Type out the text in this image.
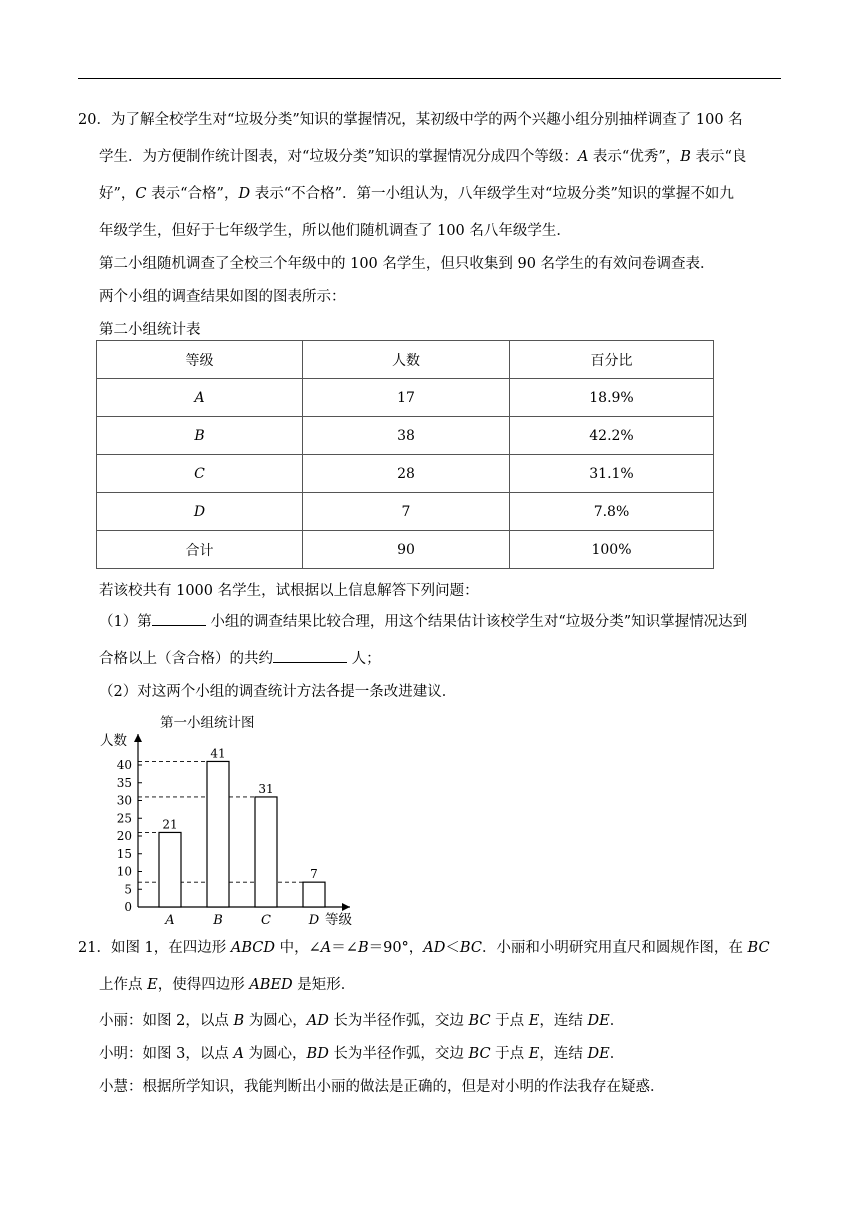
20．为了解全校学生对“垃圾分类”知识的掌握情况，某初级中学的两个兴趣小组分别抽样调查了 100 名

学生．为方便制作统计图表，对“垃圾分类”知识的掌握情况分成四个等级：A 表示“优秀”，B 表示“良

好”，C 表示“合格”，D 表示“不合格”．第一小组认为，八年级学生对“垃圾分类”知识的掌握不如九

年级学生，但好于七年级学生，所以他们随机调查了 100 名八年级学生．

第二小组随机调查了全校三个年级中的 100 名学生，但只收集到 90 名学生的有效问卷调查表．

两个小组的调查结果如图的图表所示：

第二小组统计表

等级	人数	百分比
A	17	18.9%
B	38	42.2%
C	28	31.1%
D	7	7.8%
合计	90	100%

若该校共有 1000 名学生，试根据以上信息解答下列问题：

（1）第	小组的调查结果比较合理，用这个结果估计该校学生对“垃圾分类”知识掌握情况达到

合格以上（含合格）的共约	人；

（2）对这两个小组的调查统计方法各提一条改进建议．

第一小组统计图
人数
等级
0
5
10
15
20
25
30
35
40
21
A
41
B
31
C
7
D

21．如图 1，在四边形 ABCD 中，∠A＝∠B＝90°，AD＜BC．小丽和小明研究用直尺和圆规作图，在 BC

上作点 E，使得四边形 ABED 是矩形．

小丽：如图 2，以点 B 为圆心，AD 长为半径作弧，交边 BC 于点 E，连结 DE．

小明：如图 3，以点 A 为圆心，BD 长为半径作弧，交边 BC 于点 E，连结 DE．

小慧：根据所学知识，我能判断出小丽的做法是正确的，但是对小明的作法我存在疑惑．
